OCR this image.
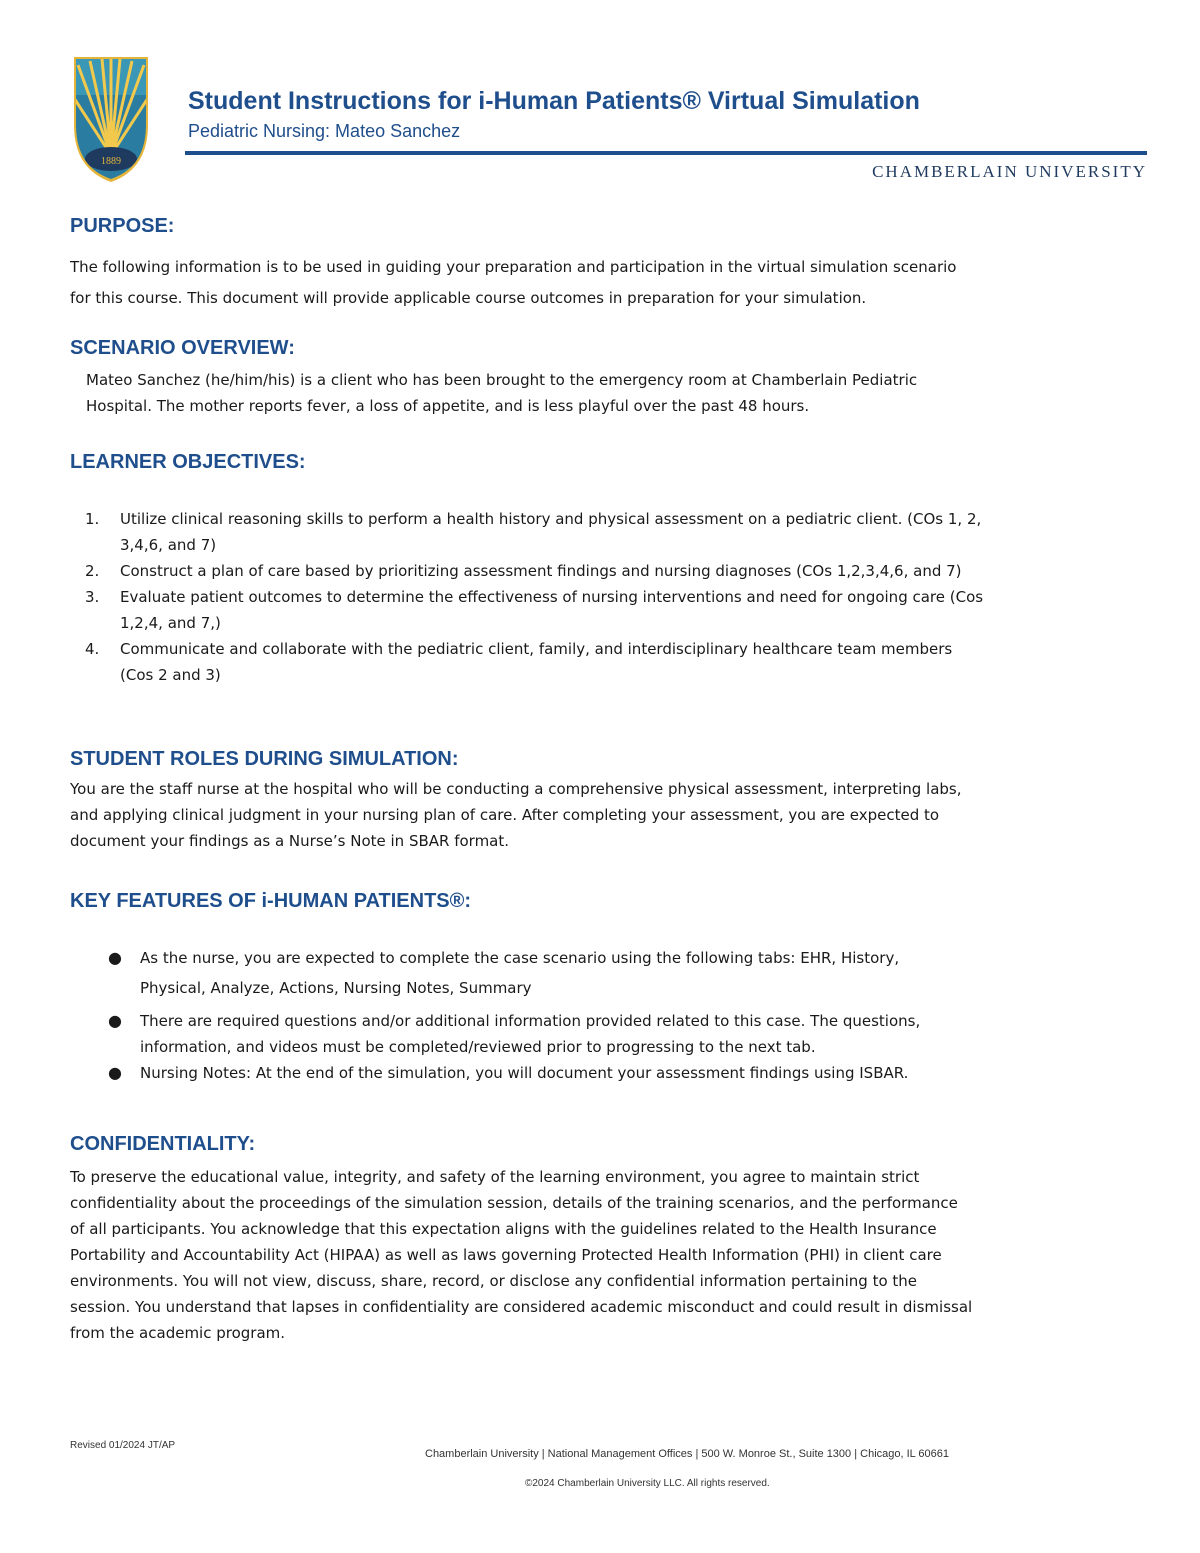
1889
Student Instructions for i-Human Patients® Virtual Simulation
Pediatric Nursing: Mateo Sanchez
CHAMBERLAIN UNIVERSITY
PURPOSE:
The following information is to be used in guiding your preparation and participation in the virtual simulation scenario
for this course. This document will provide applicable course outcomes in preparation for your simulation.
SCENARIO OVERVIEW:
Mateo Sanchez (he/him/his) is a client who has been brought to the emergency room at Chamberlain Pediatric
Hospital. The mother reports fever, a loss of appetite, and is less playful over the past 48 hours.
LEARNER OBJECTIVES:
1. Utilize clinical reasoning skills to perform a health history and physical assessment on a pediatric client. (COs 1, 2,
3,4,6, and 7)
2. Construct a plan of care based by prioritizing assessment findings and nursing diagnoses (COs 1,2,3,4,6, and 7)
3. Evaluate patient outcomes to determine the effectiveness of nursing interventions and need for ongoing care (Cos
1,2,4, and 7,)
4. Communicate and collaborate with the pediatric client, family, and interdisciplinary healthcare team members
(Cos 2 and 3)
STUDENT ROLES DURING SIMULATION:
You are the staff nurse at the hospital who will be conducting a comprehensive physical assessment, interpreting labs,
and applying clinical judgment in your nursing plan of care. After completing your assessment, you are expected to
document your findings as a Nurse’s Note in SBAR format.
KEY FEATURES OF i-HUMAN PATIENTS®:
● As the nurse, you are expected to complete the case scenario using the following tabs: EHR, History,
Physical, Analyze, Actions, Nursing Notes, Summary
● There are required questions and/or additional information provided related to this case. The questions,
information, and videos must be completed/reviewed prior to progressing to the next tab.
● Nursing Notes: At the end of the simulation, you will document your assessment findings using ISBAR.
CONFIDENTIALITY:
To preserve the educational value, integrity, and safety of the learning environment, you agree to maintain strict
confidentiality about the proceedings of the simulation session, details of the training scenarios, and the performance
of all participants. You acknowledge that this expectation aligns with the guidelines related to the Health Insurance
Portability and Accountability Act (HIPAA) as well as laws governing Protected Health Information (PHI) in client care
environments. You will not view, discuss, share, record, or disclose any confidential information pertaining to the
session. You understand that lapses in confidentiality are considered academic misconduct and could result in dismissal
from the academic program.
Revised 01/2024 JT/AP
Chamberlain University | National Management Offices | 500 W. Monroe St., Suite 1300 | Chicago, IL 60661
©2024 Chamberlain University LLC. All rights reserved.
